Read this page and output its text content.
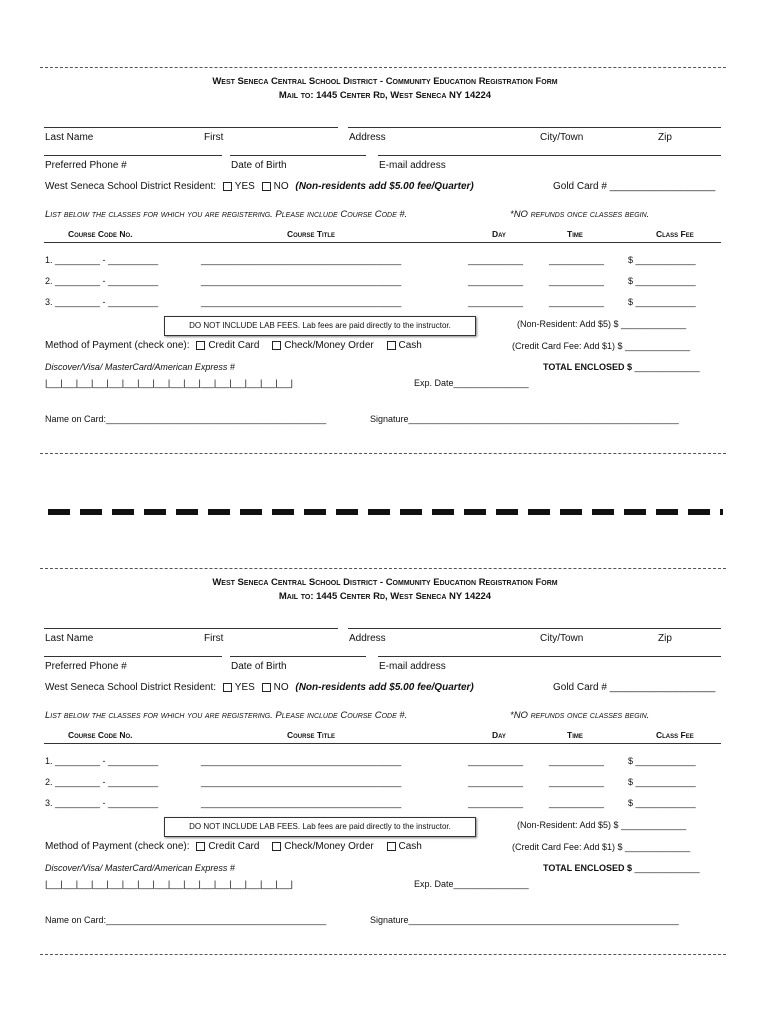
West Seneca Central School District - Community Education Registration Form
Mail to: 1445 Center Rd, West Seneca NY 14224
Last Name	First	Address	City/Town	Zip
Preferred Phone #	Date of Birth	E-mail address
West Seneca School District Resident: YES NO (Non-residents add $5.00 fee/Quarter)	Gold Card # ___________________
List below the classes for which you are registering. Please include Course Code #.	*NO refunds once classes begin.
Course Code No.	Course Title	Day	Time	Class Fee
1. _________ - __________	________________________________________	___________	___________	$ ____________
2. _________ - __________	________________________________________	___________	___________	$ ____________
3. _________ - __________	________________________________________	___________	___________	$ ____________
DO NOT INCLUDE LAB FEES. Lab fees are paid directly to the instructor.	(Non-Resident: Add $5) $ _____________
Method of Payment (check one): Credit Card Check/Money Order Cash	(Credit Card Fee: Add $1) $ _____________
Discover/Visa/ MasterCard/American Express #	TOTAL ENCLOSED $ _____________
|___|___|___|___|___|___|___|___|___|___|___|___|___|___|___|___|	Exp. Date_______________
Name on Card:____________________________________________	Signature______________________________________________________
West Seneca Central School District - Community Education Registration Form
Mail to: 1445 Center Rd, West Seneca NY 14224
Last Name	First	Address	City/Town	Zip
Preferred Phone #	Date of Birth	E-mail address
West Seneca School District Resident: YES NO (Non-residents add $5.00 fee/Quarter)	Gold Card # ___________________
List below the classes for which you are registering. Please include Course Code #.	*NO refunds once classes begin.
Course Code No.	Course Title	Day	Time	Class Fee
1. _________ - __________	________________________________________	___________	___________	$ ____________
2. _________ - __________	________________________________________	___________	___________	$ ____________
3. _________ - __________	________________________________________	___________	___________	$ ____________
DO NOT INCLUDE LAB FEES. Lab fees are paid directly to the instructor.	(Non-Resident: Add $5) $ _____________
Method of Payment (check one): Credit Card Check/Money Order Cash	(Credit Card Fee: Add $1) $ _____________
Discover/Visa/ MasterCard/American Express #	TOTAL ENCLOSED $ _____________
|___|___|___|___|___|___|___|___|___|___|___|___|___|___|___|___|	Exp. Date_______________
Name on Card:____________________________________________	Signature______________________________________________________
